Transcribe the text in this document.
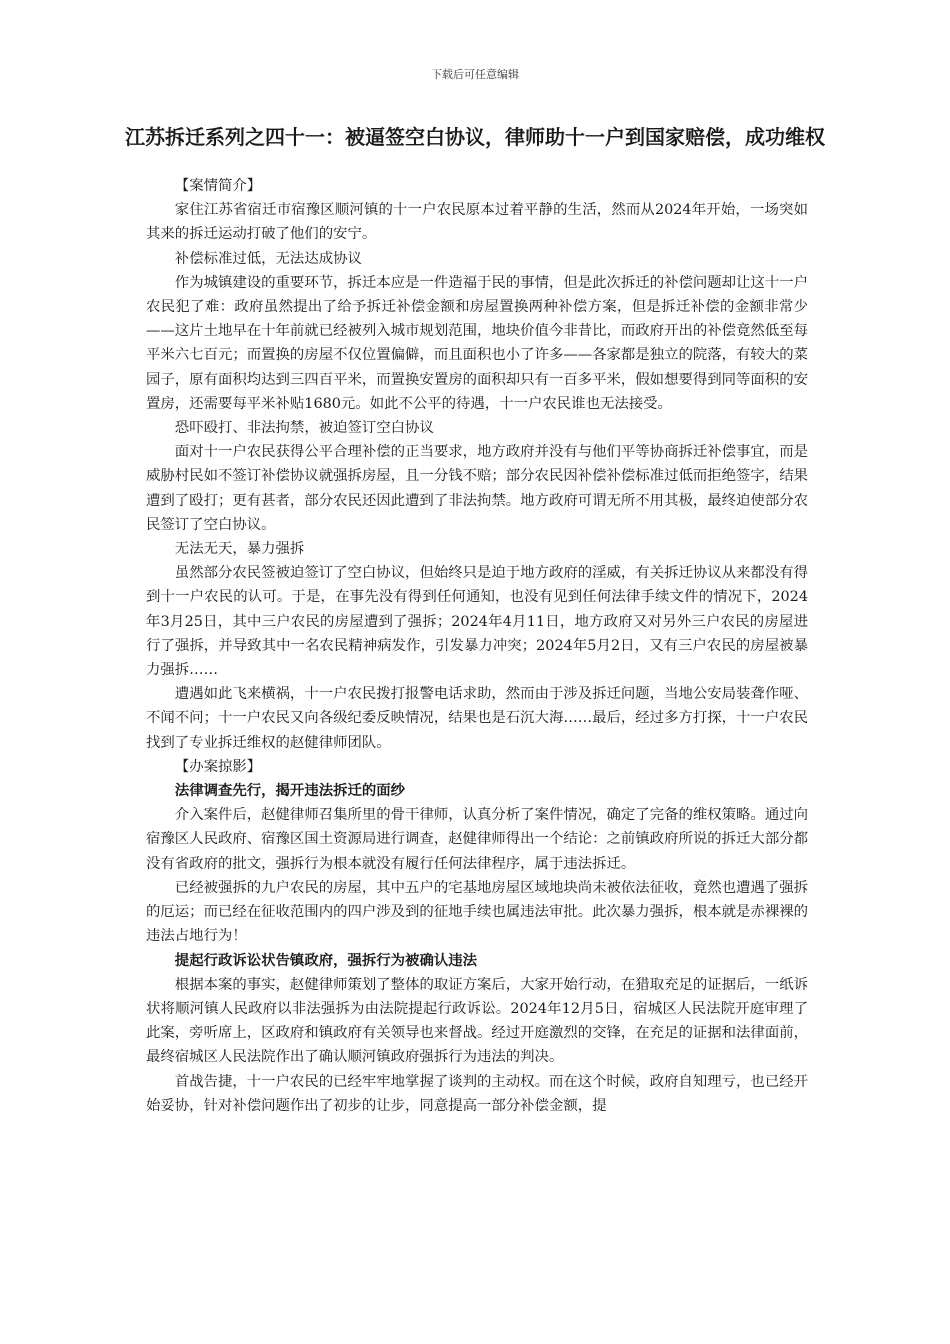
下载后可任意编辑
江苏拆迁系列之四十一：被逼签空白协议，律师助十一户到国家赔偿，成功维权

【案情简介】

家住江苏省宿迁市宿豫区顺河镇的十一户农民原本过着平静的生活，然而从2024年开始，一场突如其来的拆迁运动打破了他们的安宁。

补偿标准过低，无法达成协议

作为城镇建设的重要环节，拆迁本应是一件造福于民的事情，但是此次拆迁的补偿问题却让这十一户农民犯了难：政府虽然提出了给予拆迁补偿金额和房屋置换两种补偿方案，但是拆迁补偿的金额非常少——这片土地早在十年前就已经被列入城市规划范围，地块价值今非昔比，而政府开出的补偿竟然低至每平米六七百元；而置换的房屋不仅位置偏僻，而且面积也小了许多——各家都是独立的院落，有较大的菜园子，原有面积均达到三四百平米，而置换安置房的面积却只有一百多平米，假如想要得到同等面积的安置房，还需要每平米补贴1680元。如此不公平的待遇，十一户农民谁也无法接受。

恐吓殴打、非法拘禁，被迫签订空白协议

面对十一户农民获得公平合理补偿的正当要求，地方政府并没有与他们平等协商拆迁补偿事宜，而是威胁村民如不签订补偿协议就强拆房屋，且一分钱不赔；部分农民因补偿补偿标准过低而拒绝签字，结果遭到了殴打；更有甚者，部分农民还因此遭到了非法拘禁。地方政府可谓无所不用其极，最终迫使部分农民签订了空白协议。

无法无天，暴力强拆

虽然部分农民签被迫签订了空白协议，但始终只是迫于地方政府的淫威，有关拆迁协议从来都没有得到十一户农民的认可。于是，在事先没有得到任何通知，也没有见到任何法律手续文件的情况下，2024年3月25日，其中三户农民的房屋遭到了强拆；2024年4月11日，地方政府又对另外三户农民的房屋进行了强拆，并导致其中一名农民精神病发作，引发暴力冲突；2024年5月2日，又有三户农民的房屋被暴力强拆……

遭遇如此飞来横祸，十一户农民拨打报警电话求助，然而由于涉及拆迁问题，当地公安局装聋作哑、不闻不问；十一户农民又向各级纪委反映情况，结果也是石沉大海……最后，经过多方打探，十一户农民找到了专业拆迁维权的赵健律师团队。

【办案掠影】

法律调查先行，揭开违法拆迁的面纱

介入案件后，赵健律师召集所里的骨干律师，认真分析了案件情况，确定了完备的维权策略。通过向宿豫区人民政府、宿豫区国土资源局进行调查，赵健律师得出一个结论：之前镇政府所说的拆迁大部分都没有省政府的批文，强拆行为根本就没有履行任何法律程序，属于违法拆迁。

已经被强拆的九户农民的房屋，其中五户的宅基地房屋区域地块尚未被依法征收，竟然也遭遇了强拆的厄运；而已经在征收范围内的四户涉及到的征地手续也属违法审批。此次暴力强拆，根本就是赤裸裸的违法占地行为！

提起行政诉讼状告镇政府，强拆行为被确认违法

根据本案的事实，赵健律师策划了整体的取证方案后，大家开始行动，在猎取充足的证据后，一纸诉状将顺河镇人民政府以非法强拆为由法院提起行政诉讼。2024年12月5日，宿城区人民法院开庭审理了此案，旁听席上，区政府和镇政府有关领导也来督战。经过开庭激烈的交锋，在充足的证据和法律面前，最终宿城区人民法院作出了确认顺河镇政府强拆行为违法的判决。

首战告捷，十一户农民的已经牢牢地掌握了谈判的主动权。而在这个时候，政府自知理亏，也已经开始妥协，针对补偿问题作出了初步的让步，同意提高一部分补偿金额，提
